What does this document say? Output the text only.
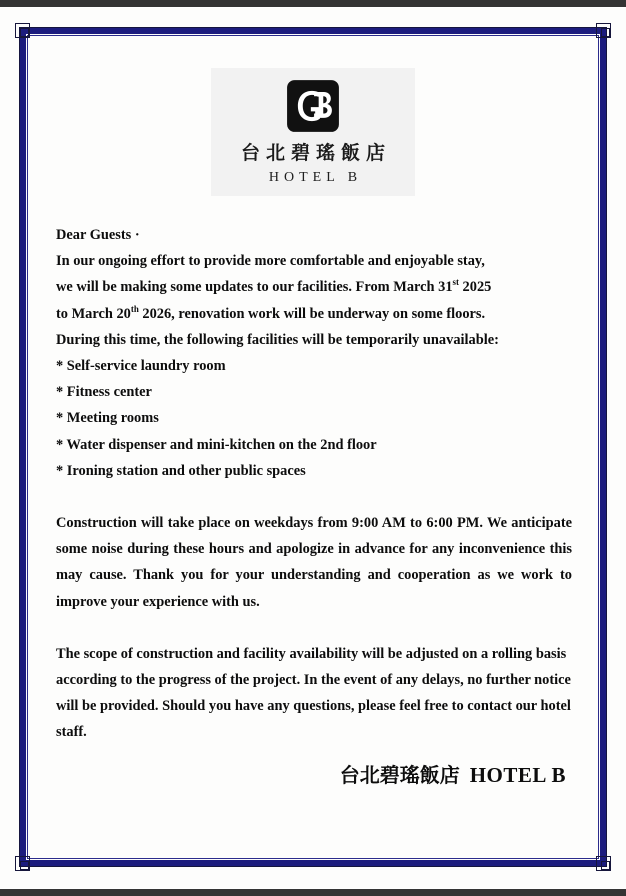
台北碧瑤飯店
HOTEL B

Dear Guests ·

In our ongoing effort to provide more comfortable and enjoyable stay,

we will be making some updates to our facilities. From March 31st 2025

to March 20th 2026, renovation work will be underway on some floors.

During this time, the following facilities will be temporarily unavailable:

* Self-service laundry room

* Fitness center

* Meeting rooms

* Water dispenser and mini-kitchen on the 2nd floor

* Ironing station and other public spaces

Construction will take place on weekdays from 9:00 AM to 6:00 PM. We anticipate some noise during these hours and apologize in advance for any inconvenience this may cause. Thank you for your understanding and cooperation as we work to improve your experience with us.

The scope of construction and facility availability will be adjusted on a rolling basis according to the progress of the project. In the event of any delays, no further notice will be provided. Should you have any questions, please feel free to contact our hotel staff.

台北碧瑤飯店 HOTEL B
